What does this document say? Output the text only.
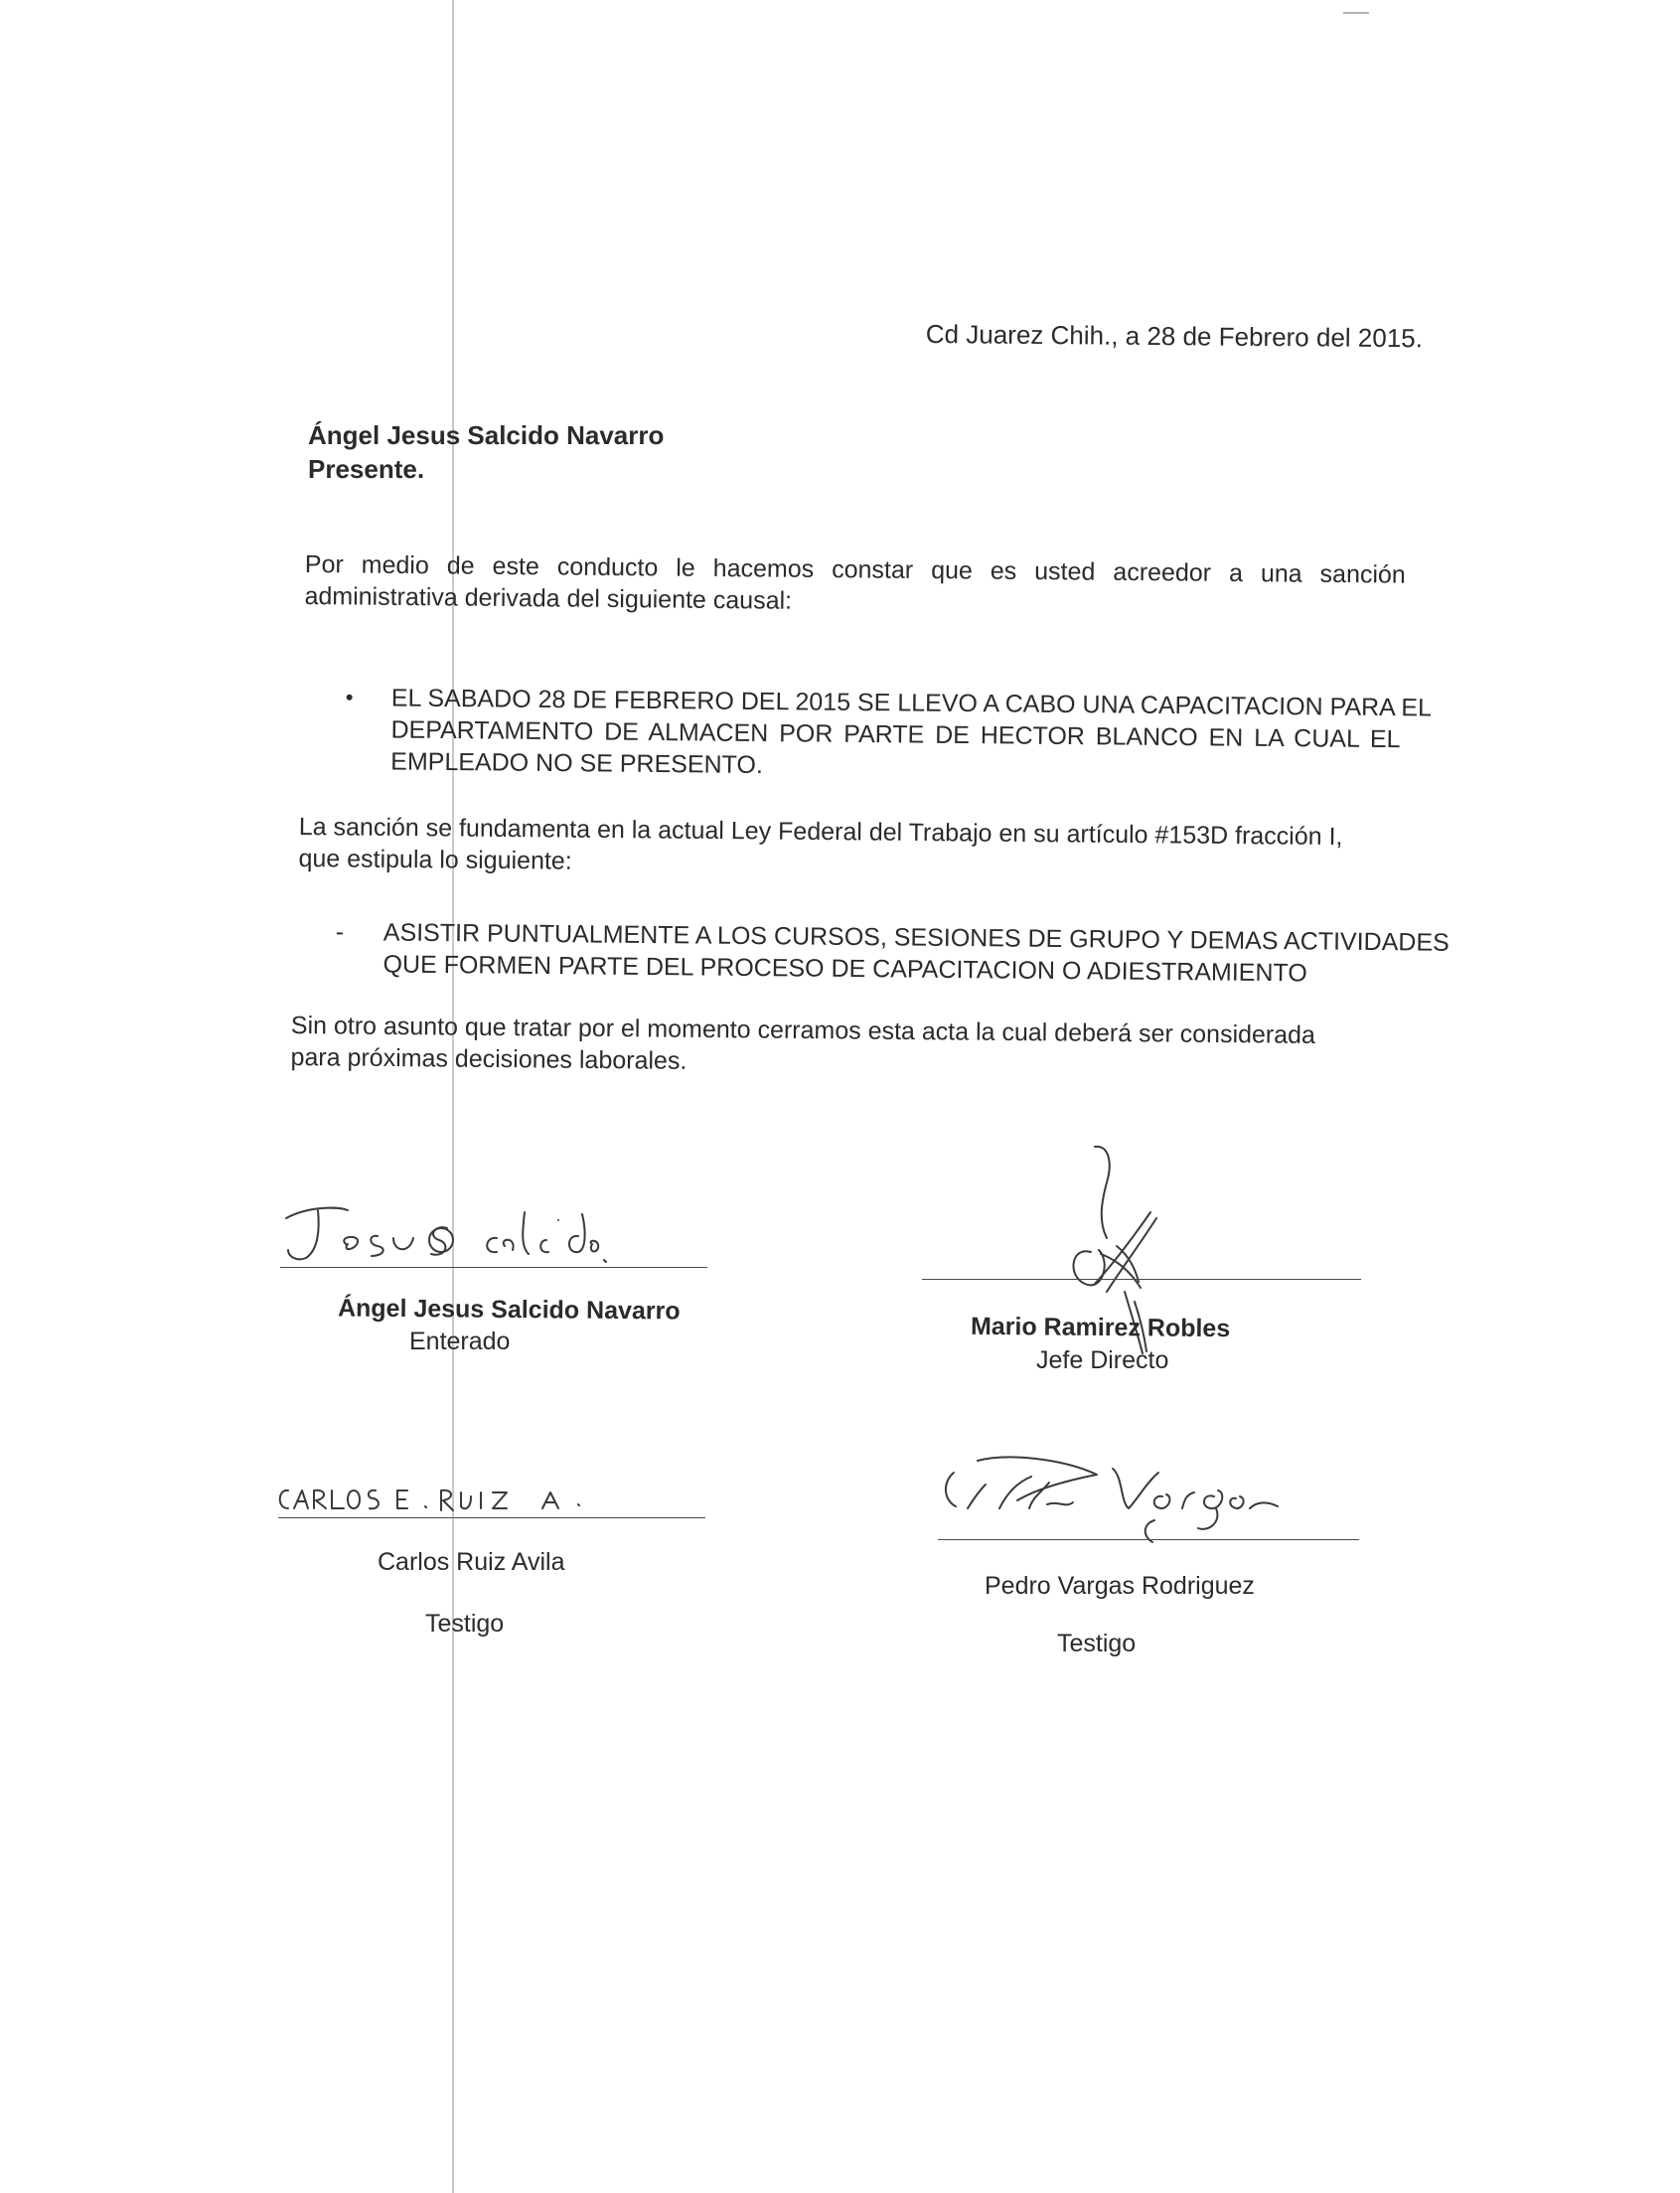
Cd Juarez Chih., a 28 de Febrero del 2015.
Ángel Jesus Salcido Navarro
Presente.
Por medio de este conducto le hacemos constar que es usted acreedor a una sanción
administrativa derivada del siguiente causal:
• EL SABADO 28 DE FEBRERO DEL 2015 SE LLEVO A CABO UNA CAPACITACION PARA EL
DEPARTAMENTO DE ALMACEN POR PARTE DE HECTOR BLANCO EN LA CUAL EL
EMPLEADO NO SE PRESENTO.
La sanción se fundamenta en la actual Ley Federal del Trabajo en su artículo #153D fracción I,
que estipula lo siguiente:
- ASISTIR PUNTUALMENTE A LOS CURSOS, SESIONES DE GRUPO Y DEMAS ACTIVIDADES
QUE FORMEN PARTE DEL PROCESO DE CAPACITACION O ADIESTRAMIENTO
Sin otro asunto que tratar por el momento cerramos esta acta la cual deberá ser considerada
para próximas decisiones laborales.
Ángel Jesus Salcido Navarro
Enterado	Mario Ramirez Robles
Jefe Directo
Carlos Ruiz Avila
Testigo
Pedro Vargas Rodriguez
Testigo
